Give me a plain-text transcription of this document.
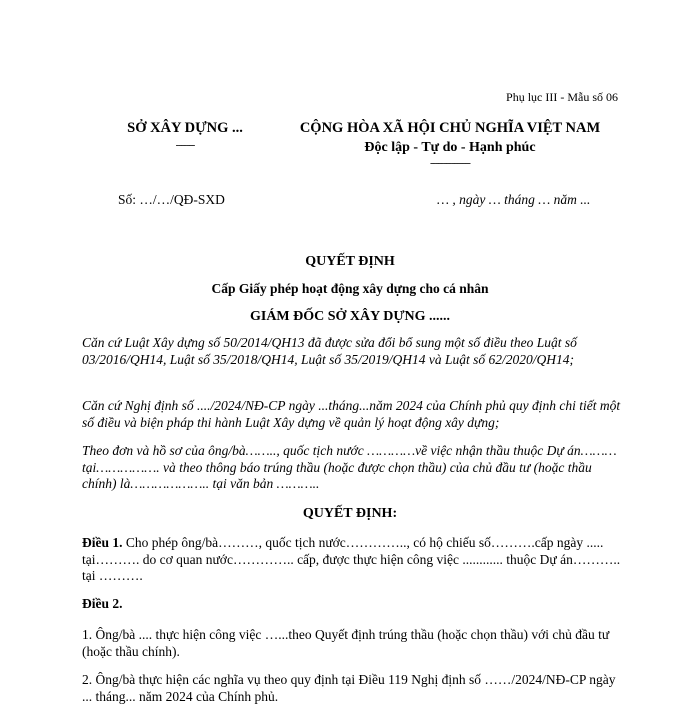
Phụ lục III - Mẫu số 06
SỞ XÂY DỰNG ...
-------
CỘNG HÒA XÃ HỘI CHỦ NGHĨA VIỆT NAM
Độc lập - Tự do - Hạnh phúc
---------------
Số: …/…/QĐ-SXD	… , ngày … tháng … năm ...
QUYẾT ĐỊNH
Cấp Giấy phép hoạt động xây dựng cho cá nhân
GIÁM ĐỐC SỞ XÂY DỰNG ......
Căn cứ Luật Xây dựng số 50/2014/QH13 đã được sửa đổi bổ sung một số điều theo Luật số 03/2016/QH14, Luật số 35/2018/QH14, Luật số 35/2019/QH14 và Luật số 62/2020/QH14;
Căn cứ Nghị định số ..../2024/NĐ-CP ngày ...tháng...năm 2024 của Chính phủ quy định chi tiết một số điều và biện pháp thi hành Luật Xây dựng về quản lý hoạt động xây dựng;
Theo đơn và hồ sơ của ông/bà…….., quốc tịch nước …………về việc nhận thầu thuộc Dự án……… tại……………. và theo thông báo trúng thầu (hoặc được chọn thầu) của chủ đầu tư (hoặc thầu chính) là……………….. tại văn bản ………..
QUYẾT ĐỊNH:
Điều 1. Cho phép ông/bà………, quốc tịch nước………….., có hộ chiếu số……….cấp ngày ..... tại………. do cơ quan nước………….. cấp, được thực hiện công việc ............ thuộc Dự án……….. tại ……….
Điều 2.
1. Ông/bà .... thực hiện công việc …...theo Quyết định trúng thầu (hoặc chọn thầu) với chủ đầu tư (hoặc thầu chính).
2. Ông/bà thực hiện các nghĩa vụ theo quy định tại Điều 119 Nghị định số ……/2024/NĐ-CP ngày ... tháng... năm 2024 của Chính phủ.
